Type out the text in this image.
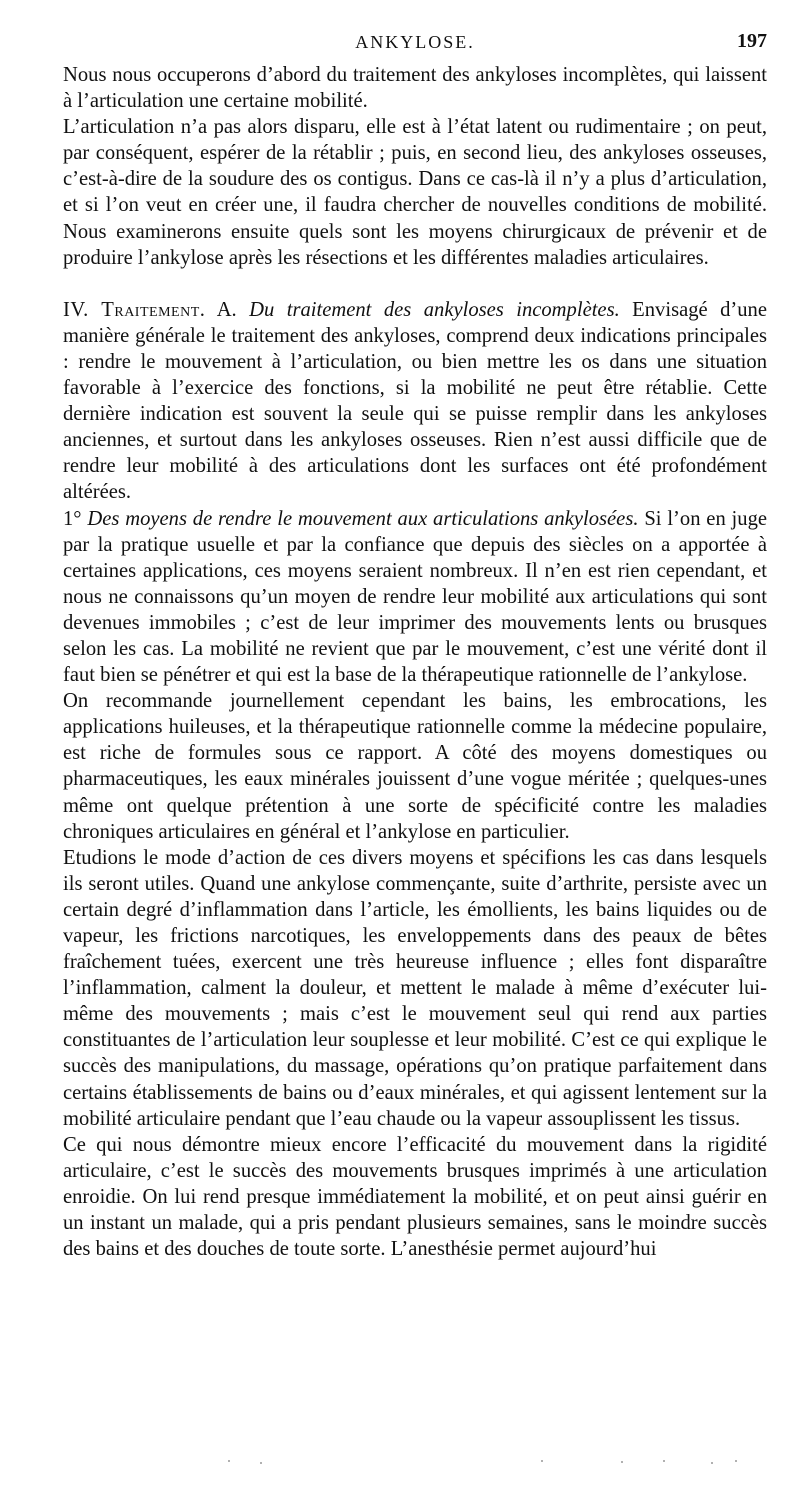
ANKYLOSE.	197

Nous nous occuperons d’abord du traitement des ankyloses incomplètes, qui laissent à l’articulation une certaine mobilité.

L’articulation n’a pas alors disparu, elle est à l’état latent ou rudimentaire ; on peut, par conséquent, espérer de la rétablir ; puis, en second lieu, des ankyloses osseuses, c’est-à-dire de la soudure des os contigus. Dans ce cas-là il n’y a plus d’articulation, et si l’on veut en créer une, il faudra chercher de nouvelles conditions de mobilité. Nous examinerons ensuite quels sont les moyens chirurgicaux de prévenir et de produire l’ankylose après les résections et les différentes maladies articulaires.

IV. Traitement. A. Du traitement des ankyloses incomplètes. Envisagé d’une manière générale le traitement des ankyloses, comprend deux indications principales : rendre le mouvement à l’articulation, ou bien mettre les os dans une situation favorable à l’exercice des fonctions, si la mobilité ne peut être rétablie. Cette dernière indication est souvent la seule qui se puisse remplir dans les ankyloses anciennes, et surtout dans les ankyloses osseuses. Rien n’est aussi difficile que de rendre leur mobilité à des articulations dont les surfaces ont été profondément altérées.

1° Des moyens de rendre le mouvement aux articulations ankylosées. Si l’on en juge par la pratique usuelle et par la confiance que depuis des siècles on a apportée à certaines applications, ces moyens seraient nombreux. Il n’en est rien cependant, et nous ne connaissons qu’un moyen de rendre leur mobilité aux articulations qui sont devenues immobiles ; c’est de leur imprimer des mouvements lents ou brusques selon les cas. La mobilité ne revient que par le mouvement, c’est une vérité dont il faut bien se pénétrer et qui est la base de la thérapeutique rationnelle de l’ankylose.

On recommande journellement cependant les bains, les embrocations, les applications huileuses, et la thérapeutique rationnelle comme la médecine populaire, est riche de formules sous ce rapport. A côté des moyens domestiques ou pharmaceutiques, les eaux minérales jouissent d’une vogue méritée ; quelques-unes même ont quelque prétention à une sorte de spécificité contre les maladies chroniques articulaires en général et l’ankylose en particulier.

Etudions le mode d’action de ces divers moyens et spécifions les cas dans lesquels ils seront utiles. Quand une ankylose commençante, suite d’arthrite, persiste avec un certain degré d’inflammation dans l’article, les émollients, les bains liquides ou de vapeur, les frictions narcotiques, les enveloppements dans des peaux de bêtes fraîchement tuées, exercent une très heureuse influence ; elles font disparaître l’inflammation, calment la douleur, et mettent le malade à même d’exécuter lui-même des mouvements ; mais c’est le mouvement seul qui rend aux parties constituantes de l’articulation leur souplesse et leur mobilité. C’est ce qui explique le succès des manipulations, du massage, opérations qu’on pratique parfaitement dans certains établissements de bains ou d’eaux minérales, et qui agissent lentement sur la mobilité articulaire pendant que l’eau chaude ou la vapeur assouplissent les tissus.

Ce qui nous démontre mieux encore l’efficacité du mouvement dans la rigidité articulaire, c’est le succès des mouvements brusques imprimés à une articulation enroidie. On lui rend presque immédiatement la mobilité, et on peut ainsi guérir en un instant un malade, qui a pris pendant plusieurs semaines, sans le moindre succès des bains et des douches de toute sorte. L’anesthésie permet aujourd’hui
